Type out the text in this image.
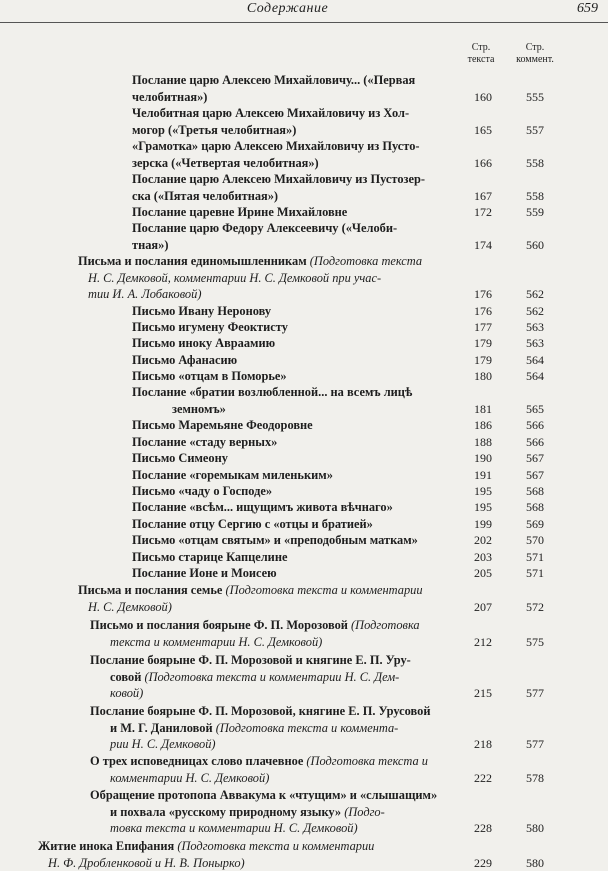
Содержание	659
Стр.
текста
Стр.
коммент.
Послание царю Алексею Михайловичу... («Первая
челобитная»)	160	555
Челобитная царю Алексею Михайловичу из Хол-
могор («Третья челобитная»)	165	557
«Грамотка» царю Алексею Михайловичу из Пусто-
зерска («Четвертая челобитная»)	166	558
Послание царю Алексею Михайловичу из Пустозер-
ска («Пятая челобитная»)	167	558
Послание царевне Ирине Михайловне	172	559
Послание царю Федору Алексеевичу («Челоби-
тная»)	174	560
Письма и послания единомышленникам (Подготовка текста
Н. С. Демковой, комментарии Н. С. Демковой при учас-
тии И. А. Лобаковой)	176	562
Письмо Ивану Неронову	176	562
Письмо игумену Феоктисту	177	563
Письмо иноку Авраамию	179	563
Письмо Афанасию	179	564
Письмо «отцам в Поморье»	180	564
Послание «братии возлюбленной... на всемъ лицѣ
земномъ»	181	565
Письмо Маремьяне Феодоровне	186	566
Послание «стаду верных»	188	566
Письмо Симеону	190	567
Послание «горемыкам миленьким»	191	567
Письмо «чаду о Господе»	195	568
Послание «всѣм... ищущимъ живота вѣчнаго»	195	568
Послание отцу Сергию с «отцы и братией»	199	569
Письмо «отцам святым» и «преподобным маткам»	202	570
Письмо старице Капцелине	203	571
Послание Ионе и Моисею	205	571
Письма и послания семье (Подготовка текста и комментарии
Н. С. Демковой)	207	572
Письмо и послания боярыне Ф. П. Морозовой (Подготовка
текста и комментарии Н. С. Демковой)	212	575
Послание боярыне Ф. П. Морозовой и княгине Е. П. Уру-
совой (Подготовка текста и комментарии Н. С. Дем-
ковой)	215	577
Послание боярыне Ф. П. Морозовой, княгине Е. П. Урусовой
и М. Г. Даниловой (Подготовка текста и коммента-
рии Н. С. Демковой)	218	577
О трех исповедницах слово плачевное (Подготовка текста и
комментарии Н. С. Демковой)	222	578
Обращение протопопа Аввакума к «чтущим» и «слышащим»
и похвала «русскому природному языку» (Подго-
товка текста и комментарии Н. С. Демковой)	228	580
Житие инока Епифания (Подготовка текста и комментарии
Н. Ф. Дробленковой и Н. В. Понырко)	229	580
